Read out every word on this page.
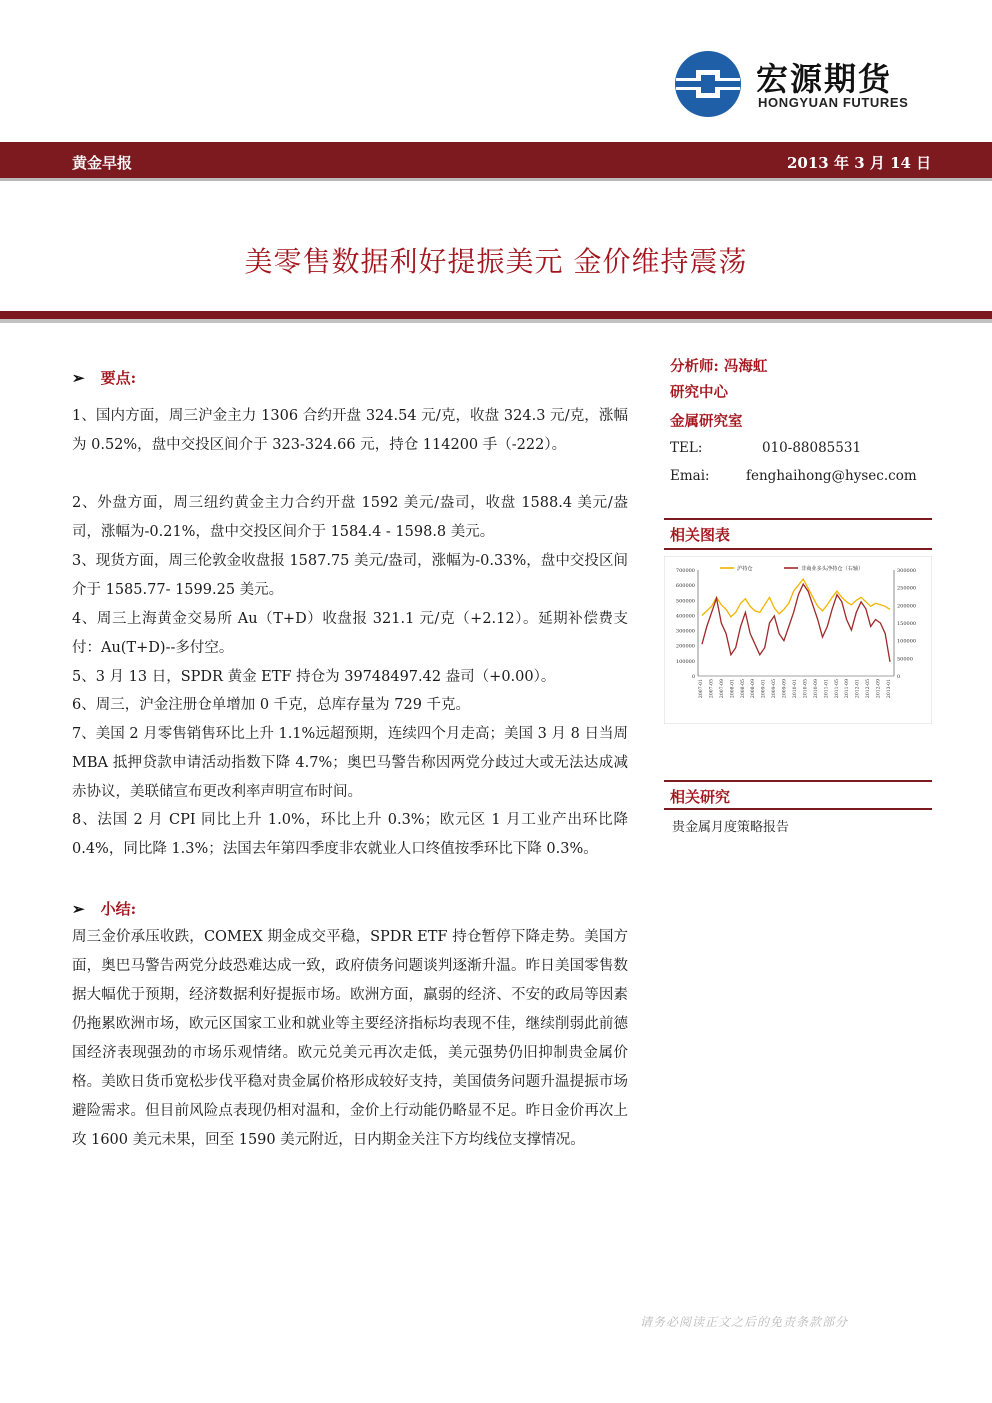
宏源期货
HONGYUAN FUTURES
黄金早报	2013 年 3 月 14 日
美零售数据利好提振美元 金价维持震荡
➢ 要点:
1、国内方面，周三沪金主力 1306 合约开盘 324.54 元/克，收盘 324.3 元/克，涨幅为 0.52%，盘中交投区间介于 323-324.66 元，持仓 114200 手（-222）。
2、外盘方面，周三纽约黄金主力合约开盘 1592 美元/盎司，收盘 1588.4 美元/盎司，涨幅为-0.21%，盘中交投区间介于 1584.4 - 1598.8 美元。
3、现货方面，周三伦敦金收盘报 1587.75 美元/盎司，涨幅为-0.33%，盘中交投区间介于 1585.77- 1599.25 美元。
4、周三上海黄金交易所 Au（T+D）收盘报 321.1 元/克（+2.12）。延期补偿费支付：Au(T+D)--多付空。
5、3 月 13 日，SPDR 黄金 ETF 持仓为 39748497.42 盎司（+0.00）。
6、周三，沪金注册仓单增加 0 千克，总库存量为 729 千克。
7、美国 2 月零售销售环比上升 1.1%远超预期，连续四个月走高；美国 3 月 8 日当周 MBA 抵押贷款申请活动指数下降 4.7%；奥巴马警告称因两党分歧过大或无法达成减赤协议，美联储宣布更改利率声明宣布时间。
8、法国 2 月 CPI 同比上升 1.0%，环比上升 0.3%；欧元区 1 月工业产出环比降 0.4%，同比降 1.3%；法国去年第四季度非农就业人口终值按季环比下降 0.3%。
➢ 小结:
周三金价承压收跌，COMEX 期金成交平稳，SPDR ETF 持仓暂停下降走势。美国方面，奥巴马警告两党分歧恐难达成一致，政府债务问题谈判逐渐升温。昨日美国零售数据大幅优于预期，经济数据利好提振市场。欧洲方面，羸弱的经济、不安的政局等因素仍拖累欧洲市场，欧元区国家工业和就业等主要经济指标均表现不佳，继续削弱此前德国经济表现强劲的市场乐观情绪。欧元兑美元再次走低，美元强势仍旧抑制贵金属价格。美欧日货币宽松步伐平稳对贵金属价格形成较好支持，美国债务问题升温提振市场避险需求。但目前风险点表现仍相对温和，金价上行动能仍略显不足。昨日金价再次上攻 1600 美元未果，回至 1590 美元附近，日内期金关注下方均线位支撑情况。
分析师: 冯海虹
研究中心
金属研究室
TEL:	010-88085531
Emai:	fenghaihong@hysec.com
相关图表
700000
600000
500000
400000
300000
200000
100000
0
300000
250000
200000
150000
100000
50000
0
2007-01 2007-05 2007-09 2008-01 2008-05 2008-09 2009-01 2009-05 2009-09 2010-01 2010-05 2010-09 2011-01 2011-05 2011-09 2012-01 2012-05 2012-09 2013-01
沪持仓	非商业多头净持仓（右轴）
相关研究
贵金属月度策略报告
请务必阅读正文之后的免责条款部分
